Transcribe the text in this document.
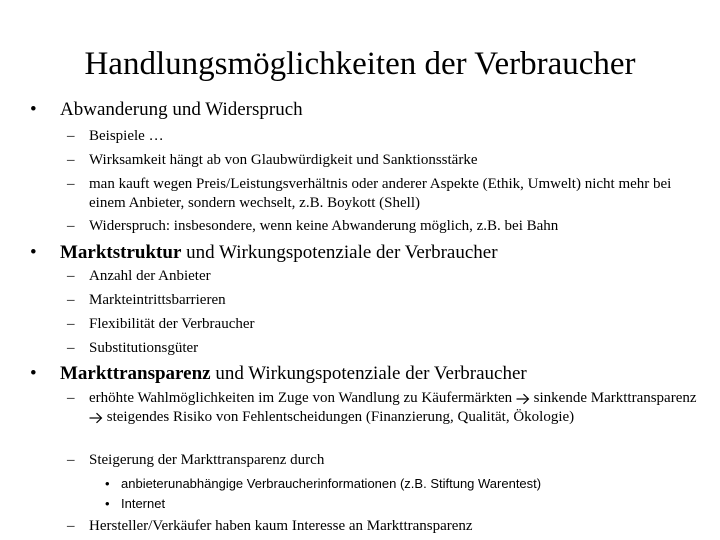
Handlungsmöglichkeiten der Verbraucher
• Abwanderung und Widerspruch
– Beispiele …
– Wirksamkeit hängt ab von Glaubwürdigkeit und Sanktionsstärke
– man kauft wegen Preis/Leistungsverhältnis oder anderer Aspekte (Ethik, Umwelt) nicht mehr bei einem Anbieter, sondern wechselt, z.B. Boykott (Shell)
– Widerspruch: insbesondere, wenn keine Abwanderung möglich, z.B. bei Bahn
• Marktstruktur und Wirkungspotenziale der Verbraucher
– Anzahl der Anbieter
– Markteintrittsbarrieren
– Flexibilität der Verbraucher
– Substitutionsgüter
• Markttransparenz und Wirkungspotenziale der Verbraucher
– erhöhte Wahlmöglichkeiten im Zuge von Wandlung zu Käufermärkten sinkende Markttransparenz  steigendes Risiko von Fehlentscheidungen (Finanzierung, Qualität, Ökologie)
– Steigerung der Markttransparenz durch
• anbieterunabhängige Verbraucherinformationen (z.B. Stiftung Warentest)
• Internet
– Hersteller/Verkäufer haben kaum Interesse an Markttransparenz
